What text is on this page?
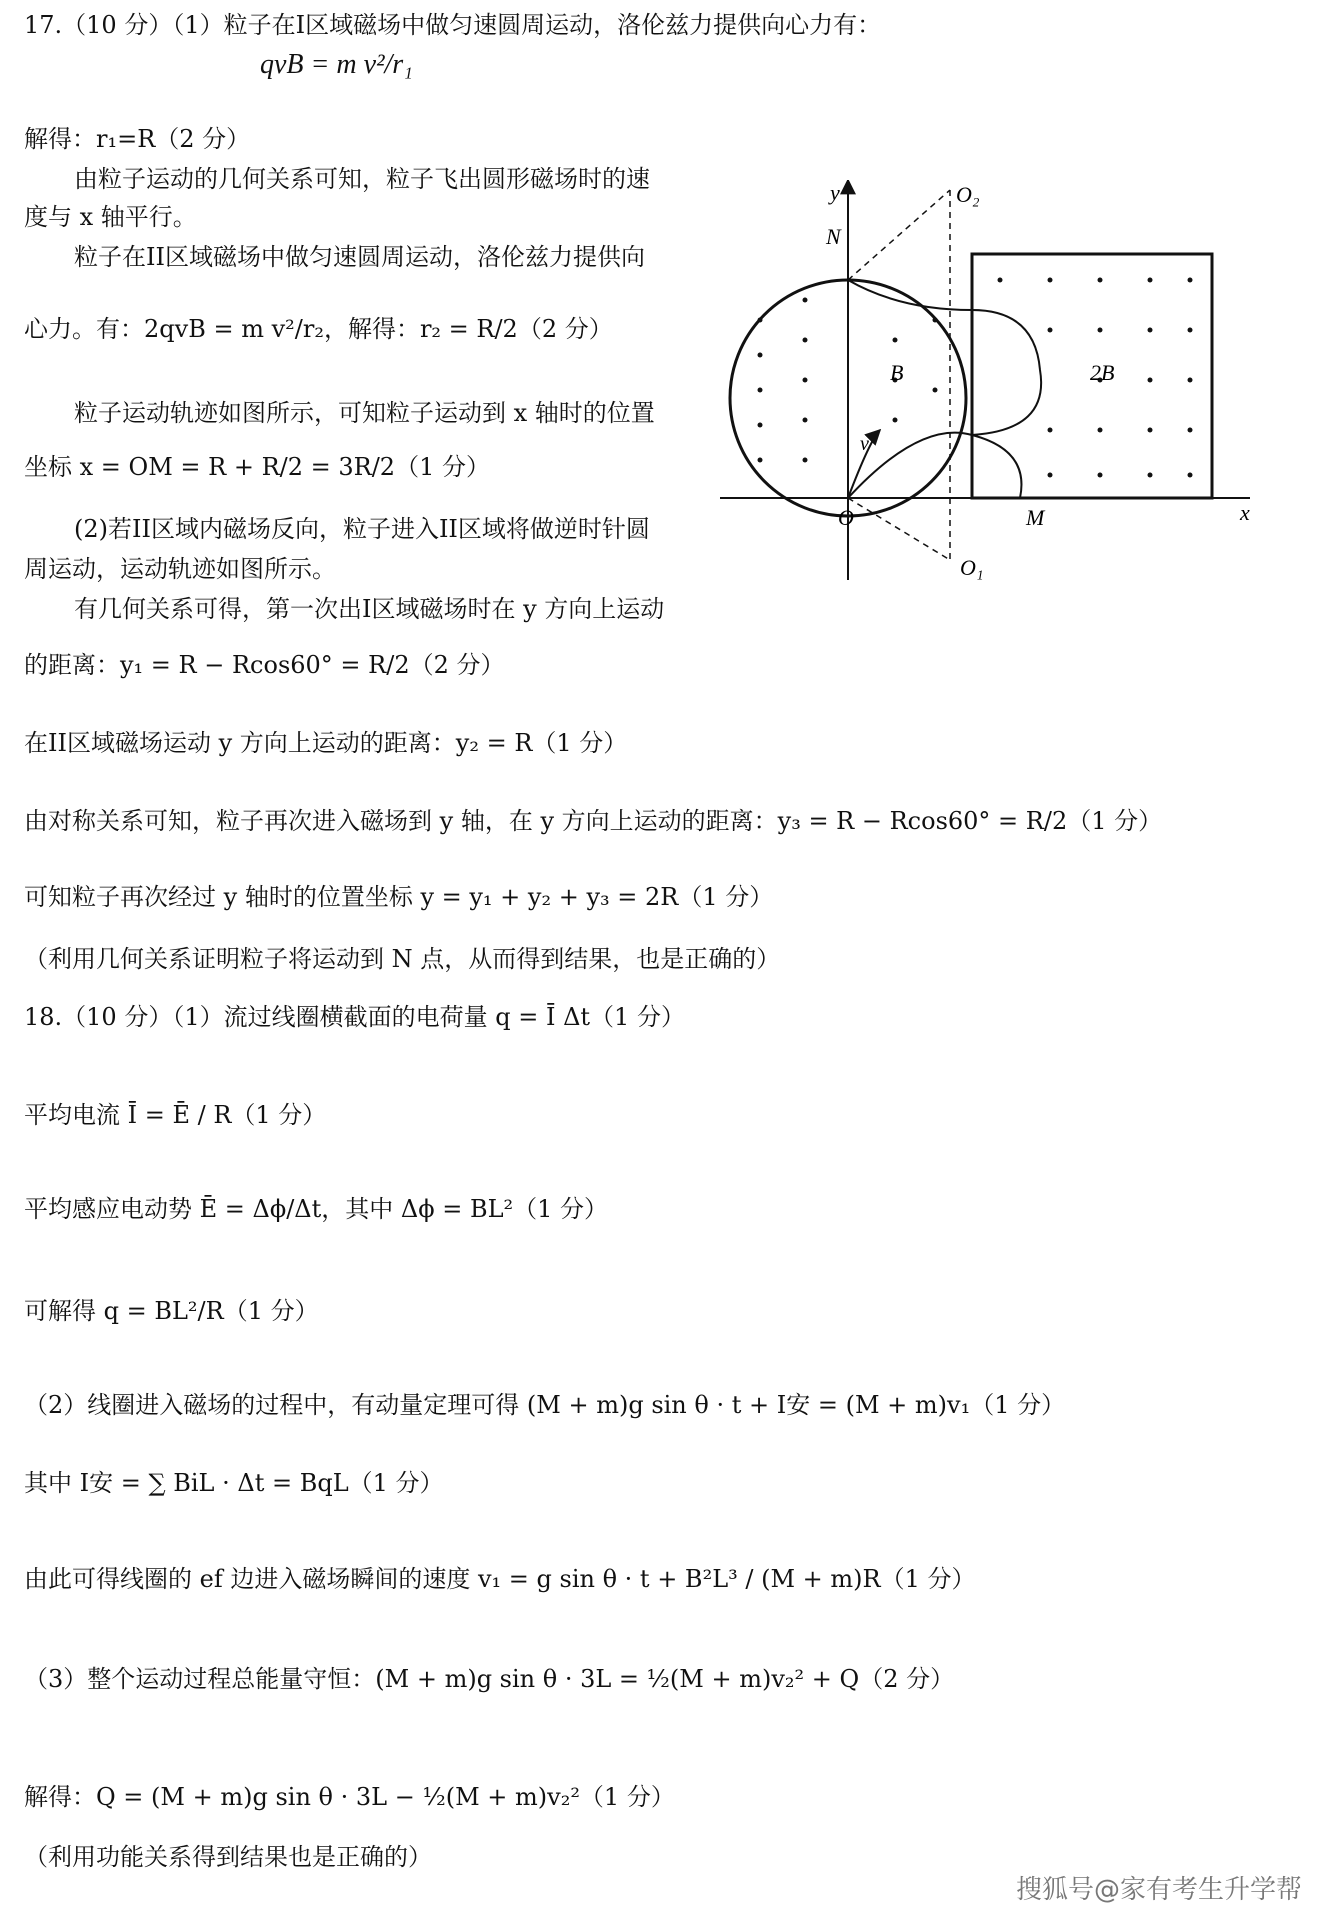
17.（10 分）（1）粒子在I区域磁场中做匀速圆周运动，洛伦兹力提供向心力有：
qvB = m v²/r₁
解得：r₁=R（2 分）
由粒子运动的几何关系可知，粒子飞出圆形磁场时的速
度与 x 轴平行。
粒子在II区域磁场中做匀速圆周运动，洛伦兹力提供向
心力。有：2qvB = m v²/r₂，解得：r₂ = R/2（2 分）
粒子运动轨迹如图所示，可知粒子运动到 x 轴时的位置
坐标 x = OM = R + R/2 = 3R/2（1 分）
(2)若II区域内磁场反向，粒子进入II区域将做逆时针圆
周运动，运动轨迹如图所示。
有几何关系可得，第一次出I区域磁场时在 y 方向上运动
的距离：y₁ = R − Rcos60° = R/2（2 分）
在II区域磁场运动 y 方向上运动的距离：y₂ = R（1 分）
由对称关系可知，粒子再次进入磁场到 y 轴，在 y 方向上运动的距离：y₃ = R − Rcos60° = R/2（1 分）
可知粒子再次经过 y 轴时的位置坐标 y = y₁ + y₂ + y₃ = 2R（1 分）
（利用几何关系证明粒子将运动到 N 点，从而得到结果，也是正确的）
18.（10 分）（1）流过线圈横截面的电荷量 q = Ī Δt（1 分）
平均电流 Ī = Ē / R（1 分）
平均感应电动势 Ē = Δϕ/Δt，其中 Δϕ = BL²（1 分）
可解得 q = BL²/R（1 分）
（2）线圈进入磁场的过程中，有动量定理可得 (M + m)g sin θ · t + I安 = (M + m)v₁（1 分）
其中 I安 = ∑ BiL · Δt = BqL（1 分）
由此可得线圈的 ef 边进入磁场瞬间的速度 v₁ = g sin θ · t + B²L³ / (M + m)R（1 分）
（3）整个运动过程总能量守恒：(M + m)g sin θ · 3L = ½(M + m)v₂² + Q（2 分）
解得：Q = (M + m)g sin θ · 3L − ½(M + m)v₂²（1 分）
（利用功能关系得到结果也是正确的）
y
x
O
N
O₁
O₂
M
B	2B
v
搜狐号@家有考生升学帮
